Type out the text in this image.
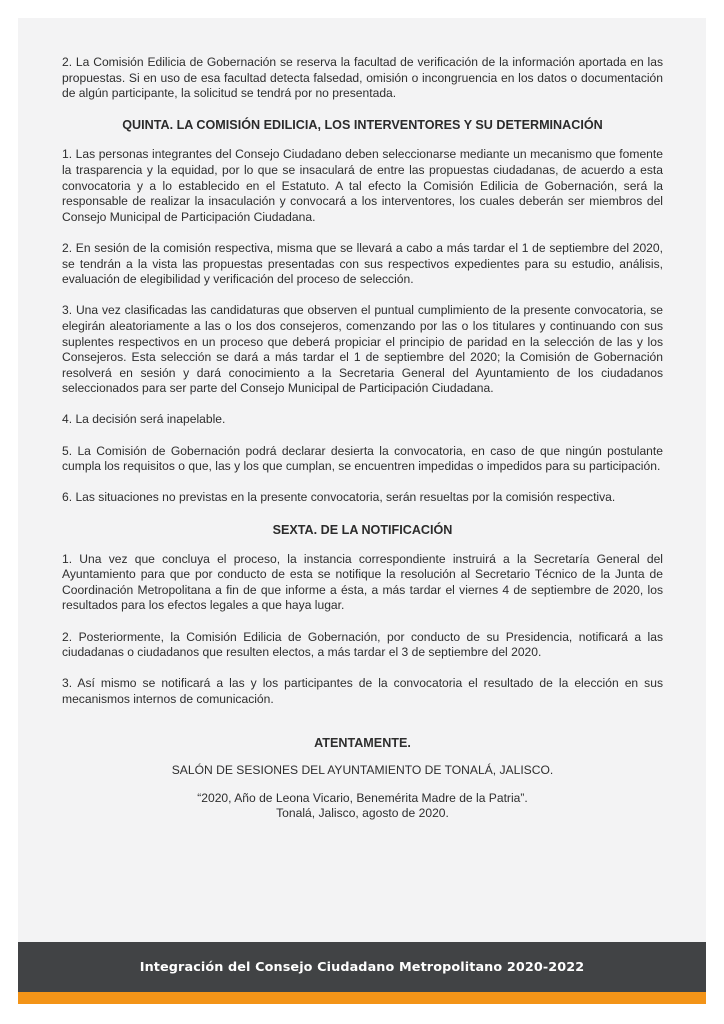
2. La Comisión Edilicia de Gobernación se reserva la facultad de verificación de la información aportada en las propuestas. Si en uso de esa facultad detecta falsedad, omisión o incongruencia en los datos o documentación de algún participante, la solicitud se tendrá por no presentada.

QUINTA. LA COMISIÓN EDILICIA, LOS INTERVENTORES Y SU DETERMINACIÓN

1. Las personas integrantes del Consejo Ciudadano deben seleccionarse mediante un mecanismo que fomente la trasparencia y la equidad, por lo que se insaculará de entre las propuestas ciudadanas, de acuerdo a esta convocatoria y a lo establecido en el Estatuto. A tal efecto la Comisión Edilicia de Gobernación, será la responsable de realizar la insaculación y convocará a los interventores, los cuales deberán ser miembros del Consejo Municipal de Participación Ciudadana.

2. En sesión de la comisión respectiva, misma que se llevará a cabo a más tardar el 1 de septiembre del 2020, se tendrán a la vista las propuestas presentadas con sus respectivos expedientes para su estudio, análisis, evaluación de elegibilidad y verificación del proceso de selección.

3. Una vez clasificadas las candidaturas que observen el puntual cumplimiento de la presente convocatoria, se elegirán aleatoriamente a las o los dos consejeros, comenzando por las o los titulares y continuando con sus suplentes respectivos en un proceso que deberá propiciar el principio de paridad en la selección de las y los Consejeros. Esta selección se dará a más tardar el 1 de septiembre del 2020; la Comisión de Gobernación resolverá en sesión y dará conocimiento a la Secretaria General del Ayuntamiento de los ciudadanos seleccionados para ser parte del Consejo Municipal de Participación Ciudadana.

4. La decisión será inapelable.

5. La Comisión de Gobernación podrá declarar desierta la convocatoria, en caso de que ningún postulante cumpla los requisitos o que, las y los que cumplan, se encuentren impedidas o impedidos para su participación.

6. Las situaciones no previstas en la presente convocatoria, serán resueltas por la comisión respectiva.

SEXTA. DE LA NOTIFICACIÓN

1. Una vez que concluya el proceso, la instancia correspondiente instruirá a la Secretaría General del Ayuntamiento para que por conducto de esta se notifique la resolución al Secretario Técnico de la Junta de Coordinación Metropolitana a fin de que informe a ésta, a más tardar el viernes 4 de septiembre de 2020, los resultados para los efectos legales a que haya lugar.

2. Posteriormente, la Comisión Edilicia de Gobernación, por conducto de su Presidencia, notificará a las ciudadanas o ciudadanos que resulten electos, a más tardar el 3 de septiembre del 2020.

3. Así mismo se notificará a las y los participantes de la convocatoria el resultado de la elección en sus mecanismos internos de comunicación.

ATENTAMENTE.
SALÓN DE SESIONES DEL AYUNTAMIENTO DE TONALÁ, JALISCO.
“2020, Año de Leona Vicario, Benemérita Madre de la Patria”.
Tonalá, Jalisco, agosto de 2020.
Integración del Consejo Ciudadano Metropolitano 2020-2022
